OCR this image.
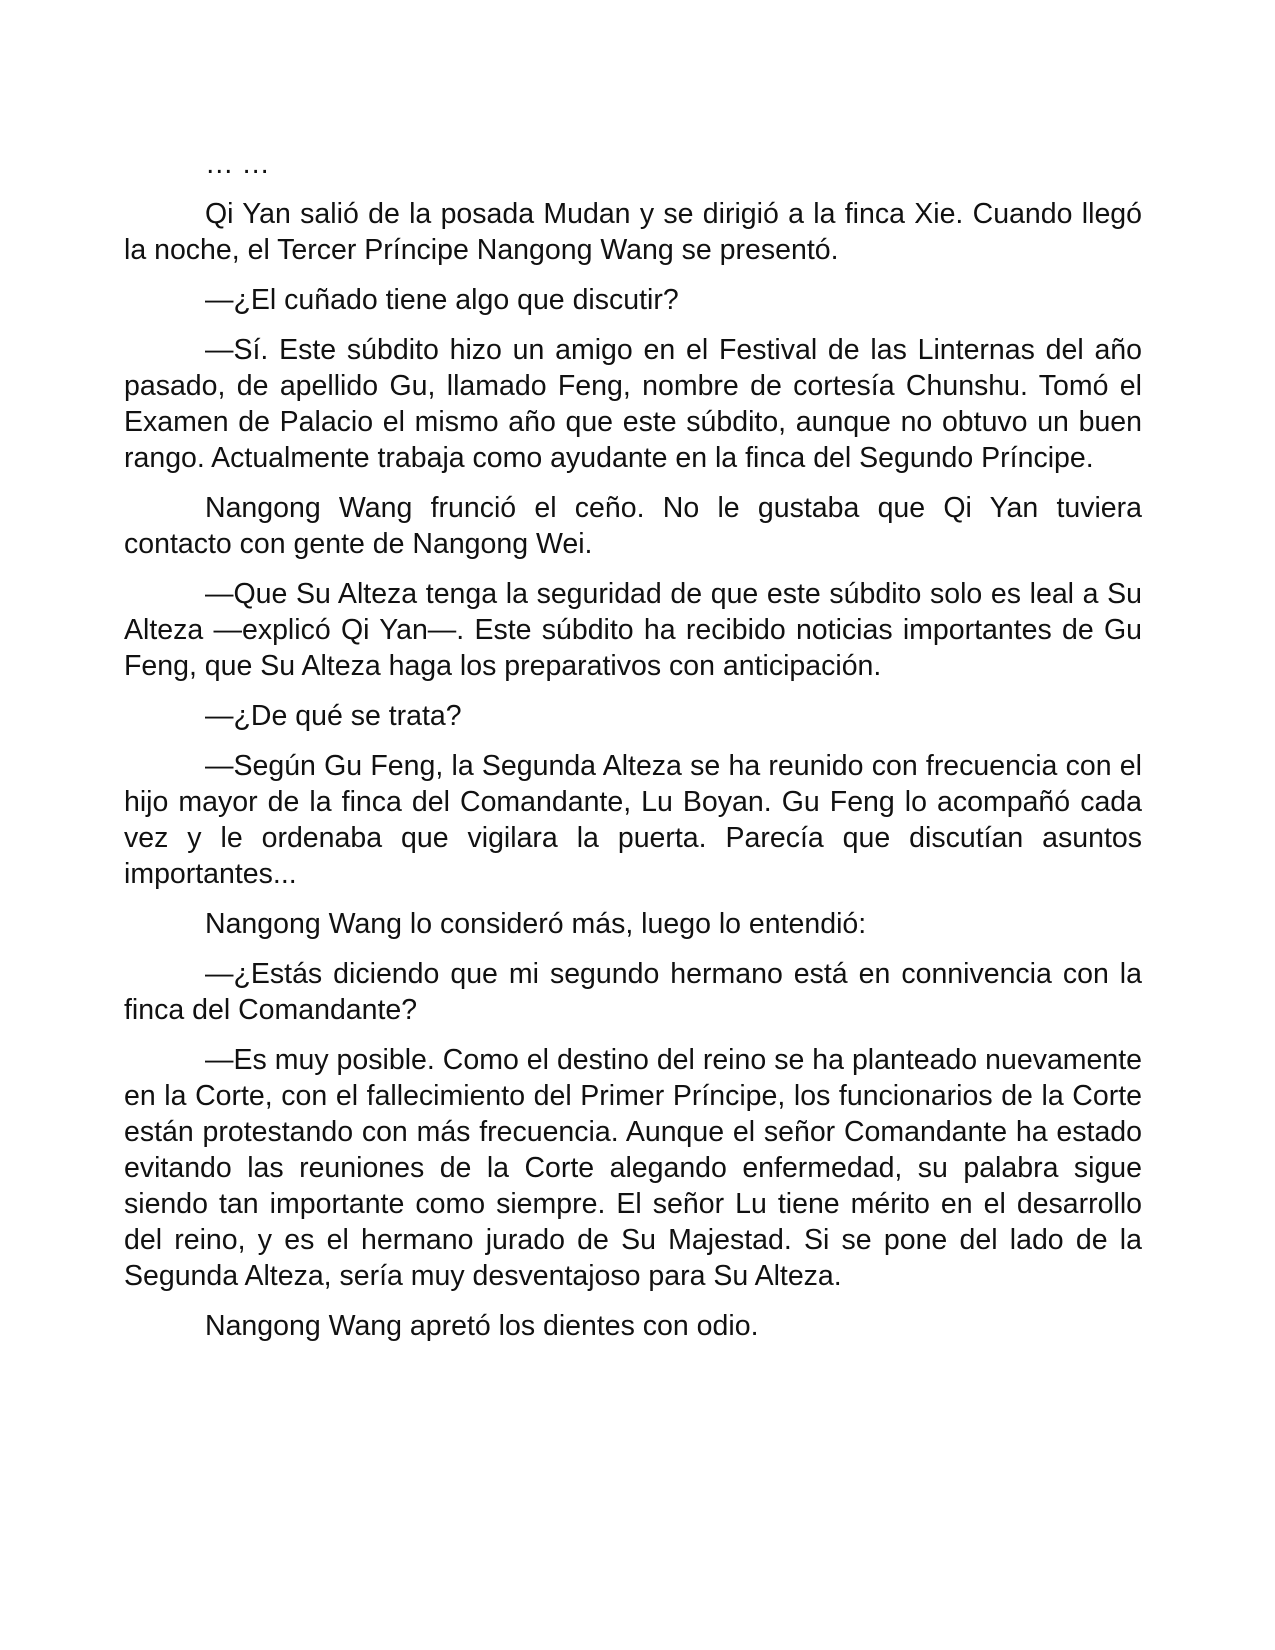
… …

Qi Yan salió de la posada Mudan y se dirigió a la finca Xie. Cuando llegó la noche, el Tercer Príncipe Nangong Wang se presentó.

—¿El cuñado tiene algo que discutir?

—Sí. Este súbdito hizo un amigo en el Festival de las Linternas del año pasado, de apellido Gu, llamado Feng, nombre de cortesía Chunshu. Tomó el Examen de Palacio el mismo año que este súbdito, aunque no obtuvo un buen rango. Actualmente trabaja como ayudante en la finca del Segundo Príncipe.

Nangong Wang frunció el ceño. No le gustaba que Qi Yan tuviera contacto con gente de Nangong Wei.

—Que Su Alteza tenga la seguridad de que este súbdito solo es leal a Su Alteza —explicó Qi Yan—. Este súbdito ha recibido noticias importantes de Gu Feng, que Su Alteza haga los preparativos con anticipación.

—¿De qué se trata?

—Según Gu Feng, la Segunda Alteza se ha reunido con frecuencia con el hijo mayor de la finca del Comandante, Lu Boyan. Gu Feng lo acompañó cada vez y le ordenaba que vigilara la puerta. Parecía que discutían asuntos importantes...

Nangong Wang lo consideró más, luego lo entendió:

—¿Estás diciendo que mi segundo hermano está en connivencia con la finca del Comandante?

—Es muy posible. Como el destino del reino se ha planteado nuevamente en la Corte, con el fallecimiento del Primer Príncipe, los funcionarios de la Corte están protestando con más frecuencia. Aunque el señor Comandante ha estado evitando las reuniones de la Corte alegando enfermedad, su palabra sigue siendo tan importante como siempre. El señor Lu tiene mérito en el desarrollo del reino, y es el hermano jurado de Su Majestad. Si se pone del lado de la Segunda Alteza, sería muy desventajoso para Su Alteza.

Nangong Wang apretó los dientes con odio.
